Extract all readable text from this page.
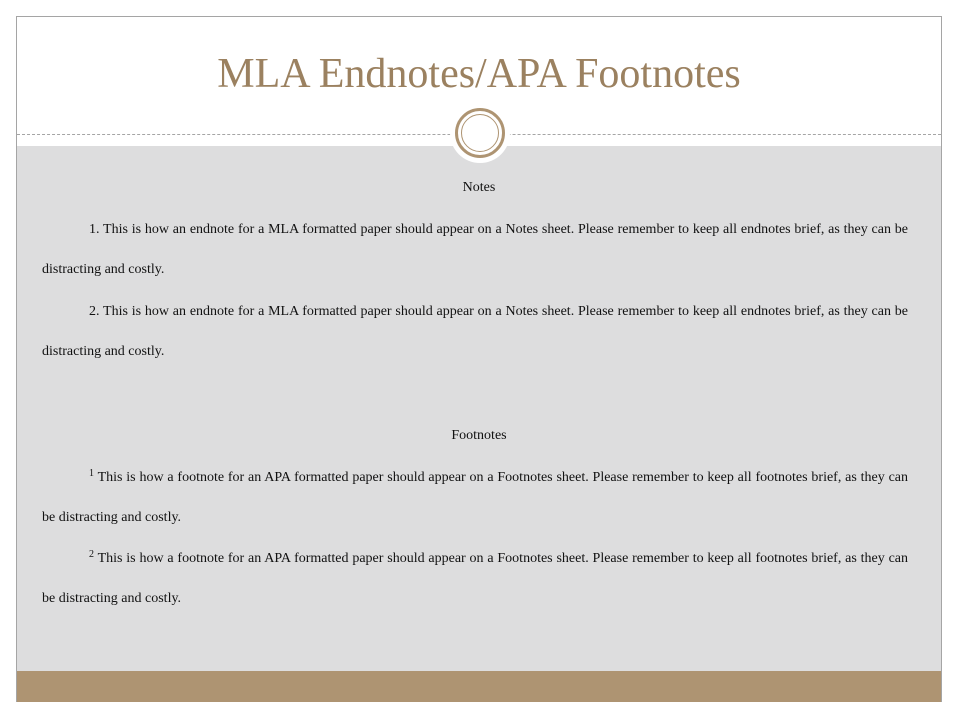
MLA Endnotes/APA Footnotes
Notes
1. This is how an endnote for a MLA formatted paper should appear on a Notes sheet. Please remember to keep all endnotes brief, as they can be distracting and costly.
2. This is how an endnote for a MLA formatted paper should appear on a Notes sheet. Please remember to keep all endnotes brief, as they can be distracting and costly.
Footnotes
$^1$ This is how a footnote for an APA formatted paper should appear on a Footnotes sheet. Please remember to keep all footnotes brief, as they can be distracting and costly.
$^2$ This is how a footnote for an APA formatted paper should appear on a Footnotes sheet. Please remember to keep all footnotes brief, as they can be distracting and costly.
